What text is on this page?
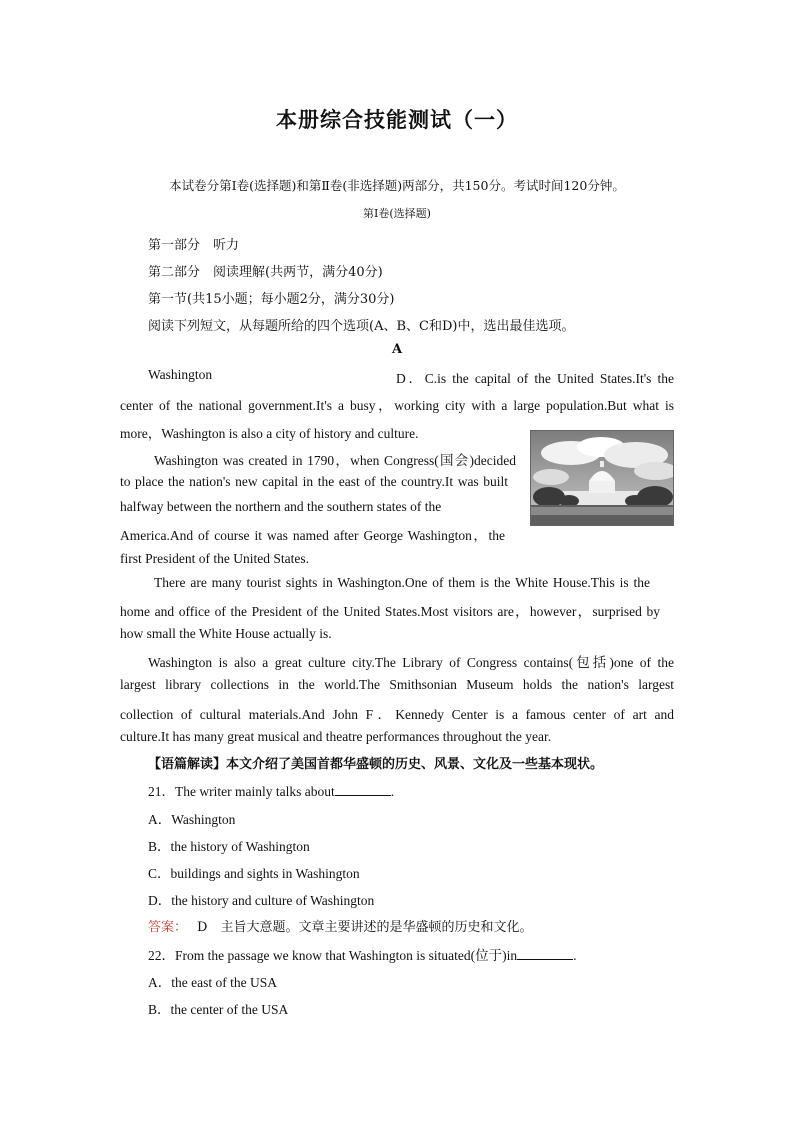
本册综合技能测试（一）
本试卷分第Ⅰ卷(选择题)和第Ⅱ卷(非选择题)两部分，共150分。考试时间120分钟。
第Ⅰ卷(选择题)
第一部分　听力
第二部分　阅读理解(共两节，满分40分)
第一节(共15小题；每小题2分，满分30分)
阅读下列短文，从每题所给的四个选项(A、B、C和D)中，选出最佳选项。
A
Washington	D．C.is the capital of the United States.It's the
center of the national government.It's a busy，working city with a large population.But what is
more，Washington is also a city of history and culture.
Washington was created in 1790，when Congress(国会)decided
to place the nation's new capital in the east of the country.It was built
halfway between the northern and the southern states of the
America.And of course it was named after George Washington，the
first President of the United States.
There are many tourist sights in Washington.One of them is the White House.This is the
home and office of the President of the United States.Most visitors are，however，surprised by
how small the White House actually is.
Washington is also a great culture city.The Library of Congress contains(包括)one of the
largest library collections in the world.The Smithsonian Museum holds the nation's largest
collection of cultural materials.And John F．Kennedy Center is a famous center of art and
culture.It has many great musical and theatre performances throughout the year.
【语篇解读】本文介绍了美国首都华盛顿的历史、风景、文化及一些基本现状。
21．The writer mainly talks about	.
A．Washington
B．the history of Washington
C．buildings and sights in Washington
D．the history and culture of Washington
答案： D　主旨大意题。文章主要讲述的是华盛顿的历史和文化。
22．From the passage we know that Washington is situated(位于)in	.
A．the east of the USA
B．the center of the USA
